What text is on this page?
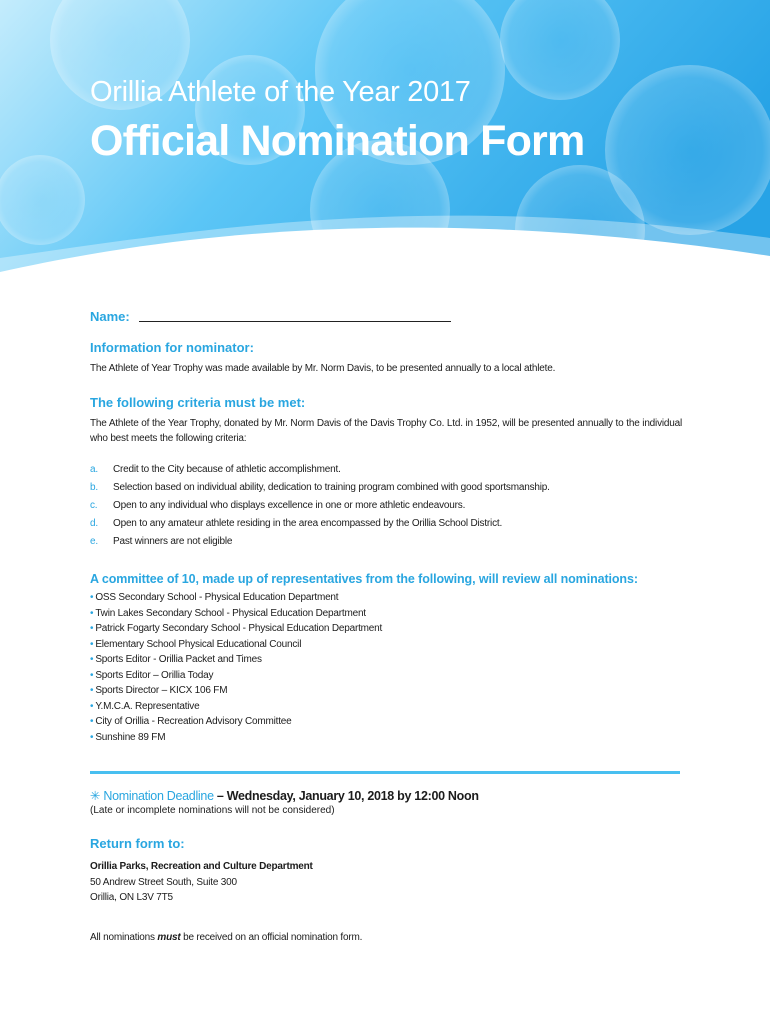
Orillia Athlete of the Year 2017
Official Nomination Form
Name:
Information for nominator:

The Athlete of Year Trophy was made available by Mr. Norm Davis, to be presented annually to a local athlete.

The following criteria must be met:

The Athlete of the Year Trophy, donated by Mr. Norm Davis of the Davis Trophy Co. Ltd. in 1952, will be presented annually to the individual who best meets the following criteria:

a.	Credit to the City because of athletic accomplishment.
b.	Selection based on individual ability, dedication to training program combined with good sportsmanship.
c.	Open to any individual who displays excellence in one or more athletic endeavours.
d.	Open to any amateur athlete residing in the area encompassed by the Orillia School District.
e.	Past winners are not eligible
A committee of 10, made up of representatives from the following, will review all nominations:
• OSS Secondary School - Physical Education Department
• Twin Lakes Secondary School - Physical Education Department
• Patrick Fogarty Secondary School - Physical Education Department
• Elementary School Physical Educational Council
• Sports Editor - Orillia Packet and Times
• Sports Editor – Orillia Today
• Sports Director – KICX 106 FM
• Y.M.C.A. Representative
• City of Orillia - Recreation Advisory Committee
• Sunshine 89 FM
✳ Nomination Deadline – Wednesday, January 10, 2018 by 12:00 Noon
(Late or incomplete nominations will not be considered)
Return form to:
Orillia Parks, Recreation and Culture Department
50 Andrew Street South, Suite 300
Orillia, ON L3V 7T5

All nominations must be received on an official nomination form.
